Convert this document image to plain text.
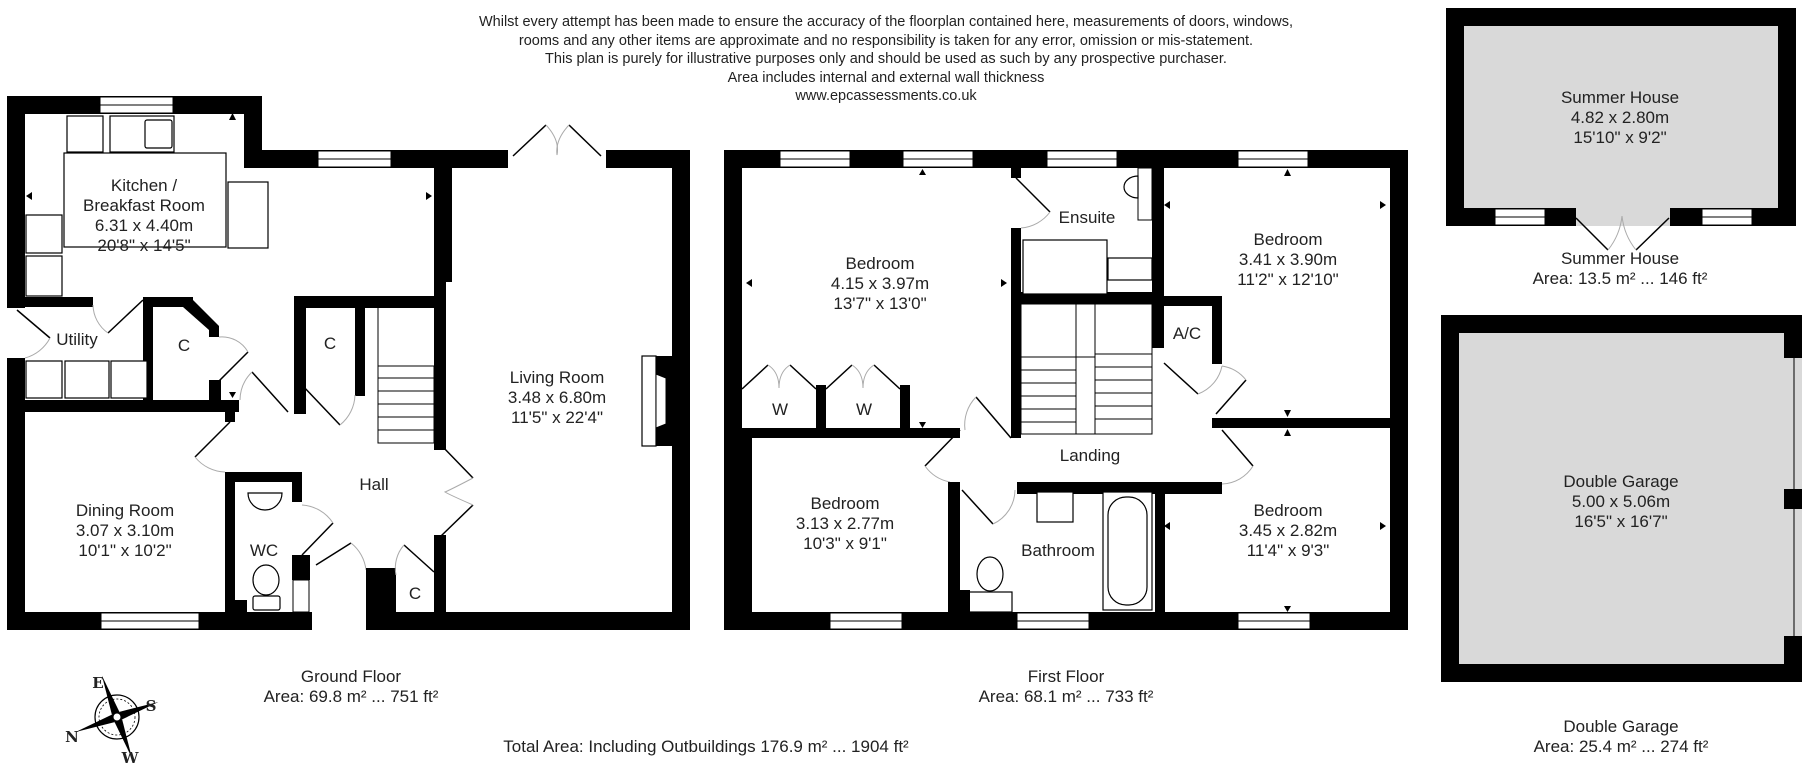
Whilst every attempt has been made to ensure the accuracy of the floorplan contained here, measurements of doors, windows,
rooms and any other items are approximate and no responsibility is taken for any error, omission or mis-statement.
This plan is purely for illustrative purposes only and should be used as such by any prospective purchaser.
Area includes internal and external wall thickness
www.epcassessments.co.uk
Kitchen /
Breakfast Room
6.31 x 4.40m
20'8" x 14'5"
Utility	C	C
Living Room
3.48 x 6.80m
11'5" x 22'4"
Hall
Dining Room
3.07 x 3.10m
10'1" x 10'2"	WC
C
Ground Floor
Area: 69.8 m² ... 751 ft²
Bedroom
4.15 x 3.97m
13'7" x 13'0"
Ensuite
Bedroom
3.41 x 3.90m
11'2" x 12'10"
A/C
W	W
Landing
Bedroom
3.13 x 2.77m
10'3" x 9'1"	Bathroom
Bedroom
3.45 x 2.82m
11'4" x 9'3"
First Floor
Area: 68.1 m² ... 733 ft²
Summer House
4.82 x 2.80m
15'10" x 9'2"
Summer House
Area: 13.5 m² ... 146 ft²
Double Garage
5.00 x 5.06m
16'5" x 16'7"
Double Garage
Area: 25.4 m² ... 274 ft²
Total Area: Including Outbuildings 176.9 m² ... 1904 ft²
E
S
N
W
